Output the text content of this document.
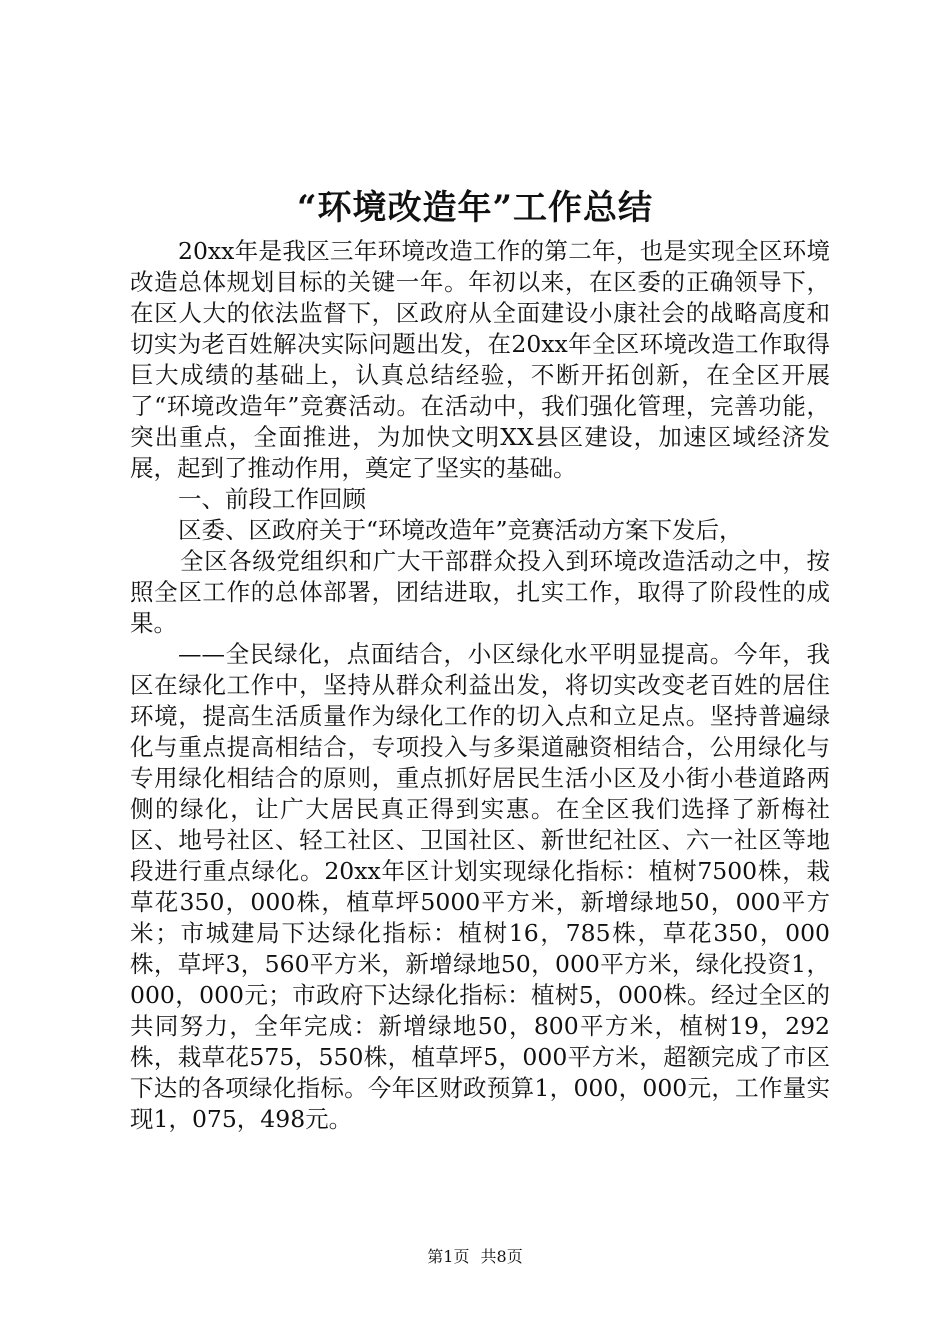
“环境改造年”工作总结

20xx年是我区三年环境改造工作的第二年，也是实现全区环境改造总体规划目标的关键一年。年初以来，在区委的正确领导下，在区人大的依法监督下，区政府从全面建设小康社会的战略高度和切实为老百姓解决实际问题出发，在20xx年全区环境改造工作取得巨大成绩的基础上，认真总结经验，不断开拓创新，在全区开展了“环境改造年”竞赛活动。在活动中，我们强化管理，完善功能，突出重点，全面推进，为加快文明XX县区建设，加速区域经济发展，起到了推动作用，奠定了坚实的基础。

一、前段工作回顾

区委、区政府关于“环境改造年”竞赛活动方案下发后，

全区各级党组织和广大干部群众投入到环境改造活动之中，按照全区工作的总体部署，团结进取，扎实工作，取得了阶段性的成果。

——全民绿化，点面结合，小区绿化水平明显提高。今年，我区在绿化工作中，坚持从群众利益出发，将切实改变老百姓的居住环境，提高生活质量作为绿化工作的切入点和立足点。坚持普遍绿化与重点提高相结合，专项投入与多渠道融资相结合，公用绿化与专用绿化相结合的原则，重点抓好居民生活小区及小街小巷道路两侧的绿化，让广大居民真正得到实惠。在全区我们选择了新梅社区、地号社区、轻工社区、卫国社区、新世纪社区、六一社区等地段进行重点绿化。20xx年区计划实现绿化指标：植树7500株，栽草花350，000株，植草坪5000平方米，新增绿地50，000平方米；市城建局下达绿化指标：植树16，785株，草花350，000株，草坪3，560平方米，新增绿地50，000平方米，绿化投资1，000，000元；市政府下达绿化指标：植树5，000株。经过全区的共同努力，全年完成：新增绿地50，800平方米，植树19，292株，栽草花575，550株，植草坪5，000平方米，超额完成了市区下达的各项绿化指标。今年区财政预算1，000，000元，工作量实现1，075，498元。

第1页 共8页
